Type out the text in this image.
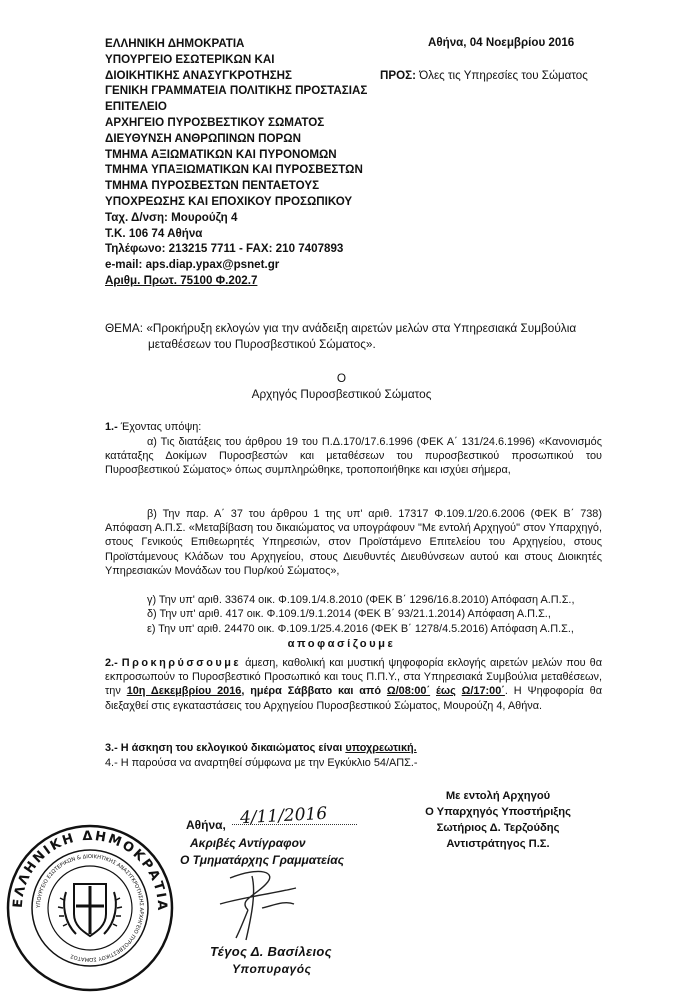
ΕΛΛΗΝΙΚΗ ΔΗΜΟΚΡΑΤΙΑ
ΥΠΟΥΡΓΕΙΟ ΕΣΩΤΕΡΙΚΩΝ ΚΑΙ
ΔΙΟΙΚΗΤΙΚΗΣ ΑΝΑΣΥΓΚΡΟΤΗΣΗΣ
ΓΕΝΙΚΗ ΓΡΑΜΜΑΤΕΙΑ ΠΟΛΙΤΙΚΗΣ ΠΡΟΣΤΑΣΙΑΣ
ΕΠΙΤΕΛΕΙΟ
ΑΡΧΗΓΕΙΟ ΠΥΡΟΣΒΕΣΤΙΚΟΥ ΣΩΜΑΤΟΣ
ΔΙΕΥΘΥΝΣΗ ΑΝΘΡΩΠΙΝΩΝ ΠΟΡΩΝ
ΤΜΗΜΑ ΑΞΙΩΜΑΤΙΚΩΝ ΚΑΙ ΠΥΡΟΝΟΜΩΝ
ΤΜΗΜΑ ΥΠΑΞΙΩΜΑΤΙΚΩΝ ΚΑΙ ΠΥΡΟΣΒΕΣΤΩΝ
ΤΜΗΜΑ ΠΥΡΟΣΒΕΣΤΩΝ ΠΕΝΤΑΕΤΟΥΣ
ΥΠΟΧΡΕΩΣΗΣ ΚΑΙ ΕΠΟΧΙΚΟΥ ΠΡΟΣΩΠΙΚΟΥ
Ταχ. Δ/νση: Μουρούζη 4
Τ.Κ. 106 74 Αθήνα
Τηλέφωνο: 213215 7711 - FAX: 210 7407893
e-mail: aps.diap.ypax@psnet.gr
Αριθμ. Πρωτ. 75100 Φ.202.7
Αθήνα, 04 Νοεμβρίου 2016
ΠΡΟΣ: Όλες τις Υπηρεσίες του Σώματος
ΘΕΜΑ: «Προκήρυξη εκλογών για την ανάδειξη αιρετών μελών στα Υπηρεσιακά Συμβούλια
μεταθέσεων του Πυροσβεστικού Σώματος».
Ο
Αρχηγός Πυροσβεστικού Σώματος
1.- Έχοντας υπόψη:
α) Τις διατάξεις του άρθρου 19 του Π.Δ.170/17.6.1996 (ΦΕΚ Α΄ 131/24.6.1996) «Κανονισμός κατάταξης Δοκίμων Πυροσβεστών και μεταθέσεων του πυροσβεστικού προσωπικού του Πυροσβεστικού Σώματος» όπως συμπληρώθηκε, τροποποιήθηκε και ισχύει σήμερα,
β) Την παρ. Α΄ 37 του άρθρου 1 της υπ' αριθ. 17317 Φ.109.1/20.6.2006 (ΦΕΚ Β΄ 738) Απόφαση Α.Π.Σ. «Μεταβίβαση του δικαιώματος να υπογράφουν "Με εντολή Αρχηγού" στον Υπαρχηγό, στους Γενικούς Επιθεωρητές Υπηρεσιών, στον Προϊστάμενο Επιτελείου του Αρχηγείου, στους Προϊστάμενους Κλάδων του Αρχηγείου, στους Διευθυντές Διευθύνσεων αυτού και στους Διοικητές Υπηρεσιακών Μονάδων του Πυρ/κού Σώματος»,
γ) Την υπ' αριθ. 33674 οικ. Φ.109.1/4.8.2010 (ΦΕΚ Β΄ 1296/16.8.2010) Απόφαση Α.Π.Σ.,
δ) Την υπ' αριθ. 417 οικ. Φ.109.1/9.1.2014 (ΦΕΚ Β΄ 93/21.1.2014) Απόφαση Α.Π.Σ.,
ε) Την υπ' αριθ. 24470 οικ. Φ.109.1/25.4.2016 (ΦΕΚ Β΄ 1278/4.5.2016) Απόφαση Α.Π.Σ.,
αποφασίζουμε
2.- Προκηρύσσουμε άμεση, καθολική και μυστική ψηφοφορία εκλογής αιρετών μελών που θα εκπροσωπούν το Πυροσβεστικό Προσωπικό και τους Π.Π.Υ., στα Υπηρεσιακά Συμβούλια μεταθέσεων, την 10η Δεκεμβρίου 2016, ημέρα Σάββατο και από Ω/08:00΄ έως Ω/17:00΄. Η Ψηφοφορία θα διεξαχθεί στις εγκαταστάσεις του Αρχηγείου Πυροσβεστικού Σώματος, Μουρούζη 4, Αθήνα.
3.- Η άσκηση του εκλογικού δικαιώματος είναι υποχρεωτική.
4.- Η παρούσα να αναρτηθεί σύμφωνα με την Εγκύκλιο 54/ΑΠΣ.-
Με εντολή Αρχηγού
Ο Υπαρχηγός Υποστήριξης
Σωτήριος Δ. Τερζούδης
Αντιστράτηγος Π.Σ.
Αθήνα, 4/11/2016
Ακριβές Αντίγραφον
Ο Τμηματάρχης Γραμματείας
Τέγος Δ. Βασίλειος
Υποπυραγός
ΕΛΛΗΝΙΚΗ ΔΗΜΟΚΡΑΤΙΑ
ΥΠΟΥΡΓΕΙΟ ΕΣΩΤΕΡΙΚΩΝ & ΔΙΟΙΚΗΤΙΚΗΣ ΑΝΑΣΥΓΚΡΟΤΗΣΗΣ ΑΡΧΗΓΕΙΟ ΠΥΡΟΣΒΕΣΤΙΚΟΥ ΣΩΜΑΤΟΣ
